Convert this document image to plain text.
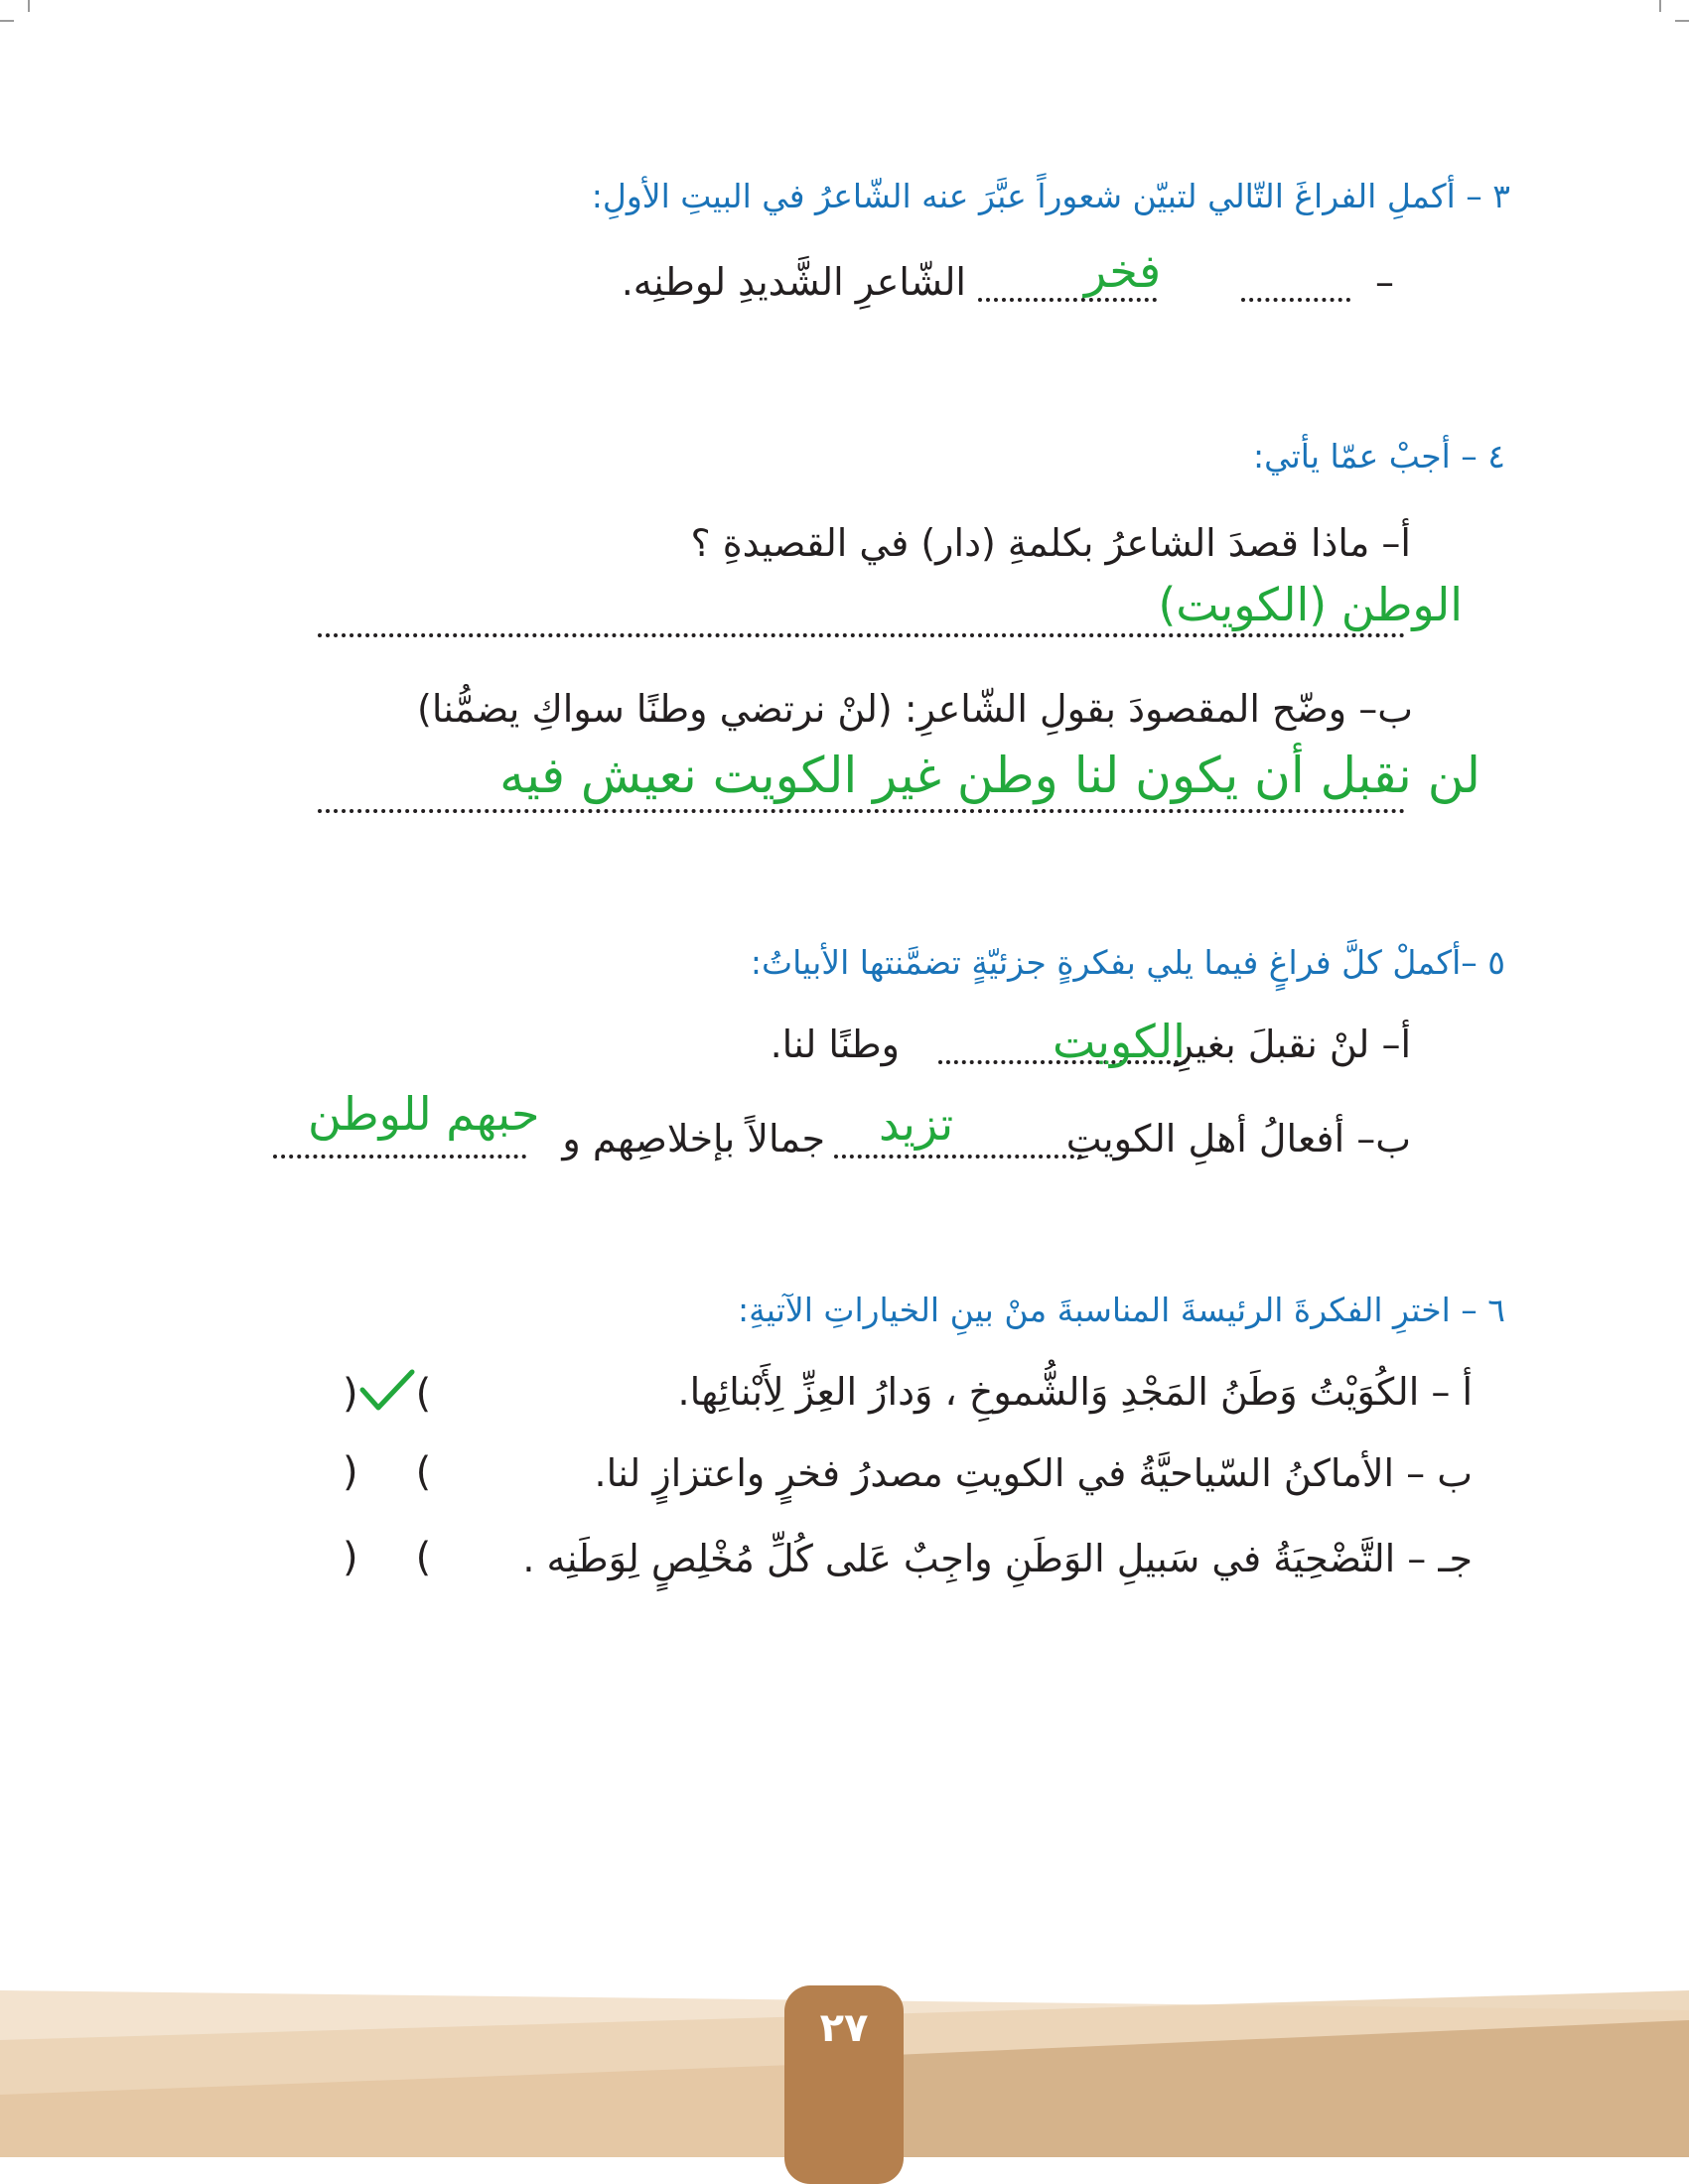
٣ – أكملِ الفراغَ التّالي لتبيّن شعوراً عبَّرَ عنه الشّاعرُ في البيتِ الأولِ:
الشّاعرِ الشَّديدِ لوطنِه.	فخر	–
٤ – أجبْ عمّا يأتي:
أ– ماذا قصدَ الشاعرُ بكلمةِ (دار) في القصيدةِ ؟
الوطن (الكويت)
ب– وضّح المقصودَ بقولِ الشّاعرِ: (لنْ نرتضي وطنًا سواكِ يضمُّنا)
لن نقبل أن يكون لنا وطن غير الكويت نعيش فيه
٥ –أكملْ كلَّ فراغٍ فيما يلي بفكرةٍ جزئيّةٍ تضمَّنتها الأبياتُ:
أ– لنْ نقبلَ بغيرِ
الكويت
وطنًا لنا.
ب– أفعالُ أهلِ الكويتِ
تزيد
جمالاً بإخلاصِهم و
حبهم للوطن
٦ – اخترِ الفكرةَ الرئيسةَ المناسبةَ منْ بينِ الخياراتِ الآتيةِ:
أ – الكُوَيْتُ وَطَنُ المَجْدِ وَالشُّموخِ ، وَدارُ العِزِّ لِأَبْنائِها.
) (
ب – الأماكنُ السّياحيَّةُ في الكويتِ مصدرُ فخرٍ واعتزازٍ لنا.
) (
جـ – التَّضْحِيَةُ في سَبيلِ الوَطَنِ واجِبٌ عَلى كُلِّ مُخْلِصٍ لِوَطَنِه .
) (
٢٧
